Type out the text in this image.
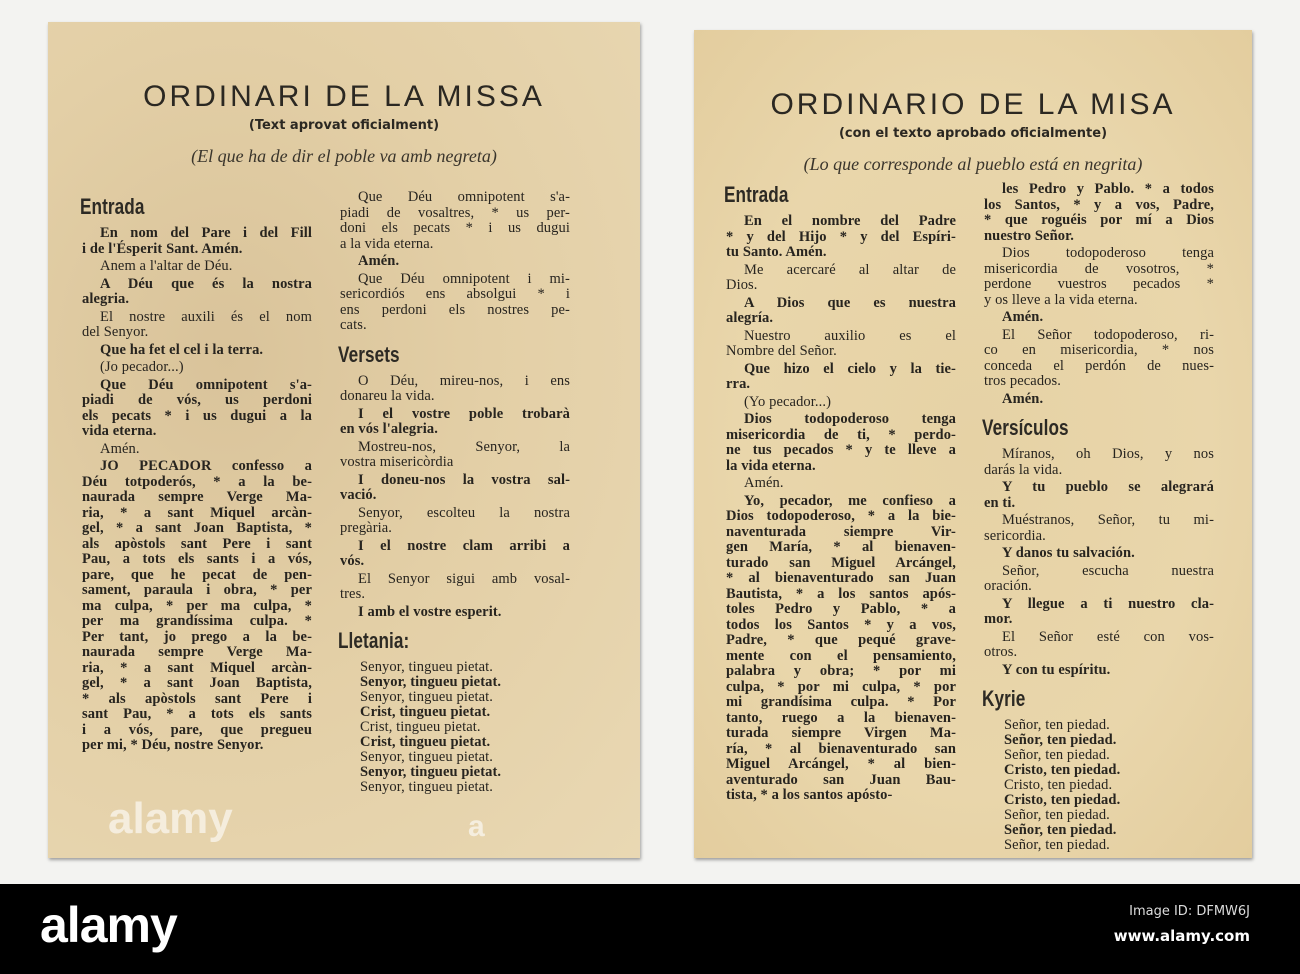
ORDINARI DE LA MISSA
(Text aprovat oficialment)
(El que ha de dir el poble va amb negreta)
Entrada
En nom del Pare i del Fill
i de l'Ésperit Sant. Amén.
Anem a l'altar de Déu.
A Déu que és la nostra
alegria.
El nostre auxili és el nom
del Senyor.
Que ha fet el cel i la terra.
(Jo pecador...)
Que Déu omnipotent s'a-
piadi de vós, us perdoni
els pecats * i us dugui a la
vida eterna.
Amén.
JO PECADOR confesso a
Déu totpoderós, * a la be-
naurada sempre Verge Ma-
ria, * a sant Miquel arcàn-
gel, * a sant Joan Baptista, *
als apòstols sant Pere i sant
Pau, a tots els sants i a vós,
pare, que he pecat de pen-
sament, paraula i obra, * per
ma culpa, * per ma culpa, *
per ma grandíssima culpa. *
Per tant, jo prego a la be-
naurada sempre Verge Ma-
ria, * a sant Miquel arcàn-
gel, * a sant Joan Baptista,
* als apòstols sant Pere i
sant Pau, * a tots els sants
i a vós, pare, que pregueu
per mi, * Déu, nostre Senyor.
Que Déu omnipotent s'a-
piadi de vosaltres, * us per-
doni els pecats * i us dugui
a la vida eterna.
Amén.
Que Déu omnipotent i mi-
sericordiós ens absolgui * i
ens perdoni els nostres pe-
cats.
Versets
O Déu, mireu-nos, i ens
donareu la vida.
I el vostre poble trobarà
en vós l'alegria.
Mostreu-nos, Senyor, la
vostra misericòrdia
I doneu-nos la vostra sal-
vació.
Senyor, escolteu la nostra
pregària.
I el nostre clam arribi a
vós.
El Senyor sigui amb vosal-
tres.
I amb el vostre esperit.
Lletania:
Senyor, tingueu pietat.
Senyor, tingueu pietat.
Senyor, tingueu pietat.
Crist, tingueu pietat.
Crist, tingueu pietat.
Crist, tingueu pietat.
Senyor, tingueu pietat.
Senyor, tingueu pietat.
Senyor, tingueu pietat.
alamy	a
ORDINARIO DE LA MISA
(con el texto aprobado oficialmente)
(Lo que corresponde al pueblo está en negrita)
Entrada
En el nombre del Padre
* y del Hijo * y del Espíri-
tu Santo. Amén.
Me acercaré al altar de
Dios.
A Dios que es nuestra
alegría.
Nuestro auxilio es el
Nombre del Señor.
Que hizo el cielo y la tie-
rra.
(Yo pecador...)
Dios todopoderoso tenga
misericordia de ti, * perdo-
ne tus pecados * y te lleve a
la vida eterna.
Amén.
Yo, pecador, me confieso a
Dios todopoderoso, * a la bie-
naventurada siempre Vir-
gen María, * al bienaven-
turado san Miguel Arcángel,
* al bienaventurado san Juan
Bautista, * a los santos após-
toles Pedro y Pablo, * a
todos los Santos * y a vos,
Padre, * que pequé grave-
mente con el pensamiento,
palabra y obra; * por mi
culpa, * por mi culpa, * por
mi grandísima culpa. * Por
tanto, ruego a la bienaven-
turada siempre Virgen Ma-
ría, * al bienaventurado san
Miguel Arcángel, * al bien-
aventurado san Juan Bau-
tista, * a los santos apósto-
les Pedro y Pablo. * a todos
los Santos, * y a vos, Padre,
* que roguéis por mí a Dios
nuestro Señor.
Dios todopoderoso tenga
misericordia de vosotros, *
perdone vuestros pecados *
y os lleve a la vida eterna.
Amén.
El Señor todopoderoso, ri-
co en misericordia, * nos
conceda el perdón de nues-
tros pecados.
Amén.
Versículos
Míranos, oh Dios, y nos
darás la vida.
Y tu pueblo se alegrará
en ti.
Muéstranos, Señor, tu mi-
sericordia.
Y danos tu salvación.
Señor, escucha nuestra
oración.
Y llegue a ti nuestro cla-
mor.
El Señor esté con vos-
otros.
Y con tu espíritu.
Kyrie
Señor, ten piedad.
Señor, ten piedad.
Señor, ten piedad.
Cristo, ten piedad.
Cristo, ten piedad.
Cristo, ten piedad.
Señor, ten piedad.
Señor, ten piedad.
Señor, ten piedad.
alamy	Image ID: DFMW6J
www.alamy.com
